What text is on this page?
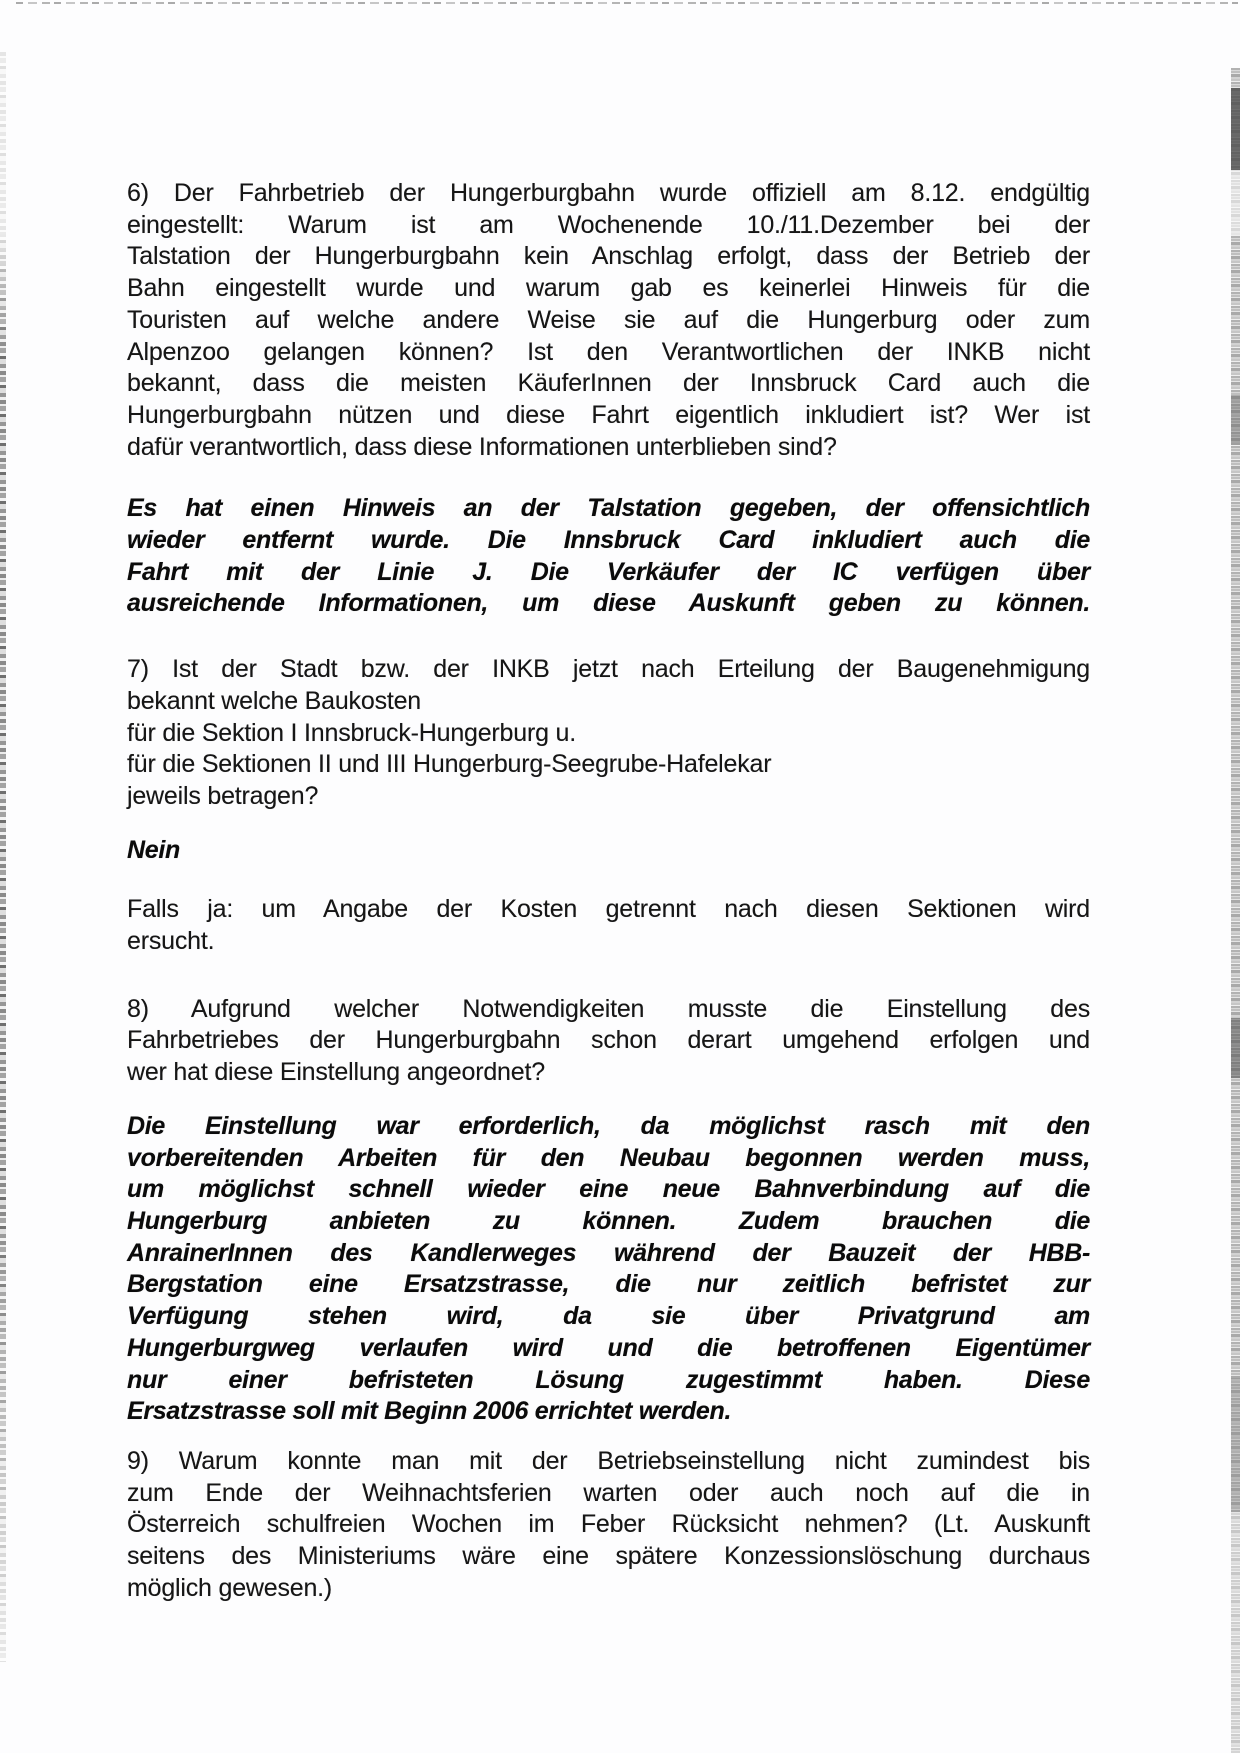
6) Der Fahrbetrieb der Hungerburgbahn wurde offiziell am 8.12. endgültig
eingestellt: Warum ist am Wochenende 10./11.Dezember bei der
Talstation der Hungerburgbahn kein Anschlag erfolgt, dass der Betrieb der
Bahn eingestellt wurde und warum gab es keinerlei Hinweis für die
Touristen auf welche andere Weise sie auf die Hungerburg oder zum
Alpenzoo gelangen können? Ist den Verantwortlichen der INKB nicht
bekannt, dass die meisten KäuferInnen der Innsbruck Card auch die
Hungerburgbahn nützen und diese Fahrt eigentlich inkludiert ist? Wer ist
dafür verantwortlich, dass diese Informationen unterblieben sind?
Es hat einen Hinweis an der Talstation gegeben, der offensichtlich
wieder entfernt wurde. Die Innsbruck Card inkludiert auch die
Fahrt mit der Linie J. Die Verkäufer der IC verfügen über
ausreichende Informationen, um diese Auskunft geben zu können.
7) Ist der Stadt bzw. der INKB jetzt nach Erteilung der Baugenehmigung
bekannt welche Baukosten
für die Sektion I Innsbruck-Hungerburg u.
für die Sektionen II und III Hungerburg-Seegrube-Hafelekar
jeweils betragen?
Nein
Falls ja: um Angabe der Kosten getrennt nach diesen Sektionen wird
ersucht.
8) Aufgrund welcher Notwendigkeiten musste die Einstellung des
Fahrbetriebes der Hungerburgbahn schon derart umgehend erfolgen und
wer hat diese Einstellung angeordnet?
Die Einstellung war erforderlich, da möglichst rasch mit den
vorbereitenden Arbeiten für den Neubau begonnen werden muss,
um möglichst schnell wieder eine neue Bahnverbindung auf die
Hungerburg anbieten zu können. Zudem brauchen die
AnrainerInnen des Kandlerweges während der Bauzeit der HBB-
Bergstation eine Ersatzstrasse, die nur zeitlich befristet zur
Verfügung stehen wird, da sie über Privatgrund am
Hungerburgweg verlaufen wird und die betroffenen Eigentümer
nur einer befristeten Lösung zugestimmt haben. Diese
Ersatzstrasse soll mit Beginn 2006 errichtet werden.
9) Warum konnte man mit der Betriebseinstellung nicht zumindest bis
zum Ende der Weihnachtsferien warten oder auch noch auf die in
Österreich schulfreien Wochen im Feber Rücksicht nehmen? (Lt. Auskunft
seitens des Ministeriums wäre eine spätere Konzessionslöschung durchaus
möglich gewesen.)
